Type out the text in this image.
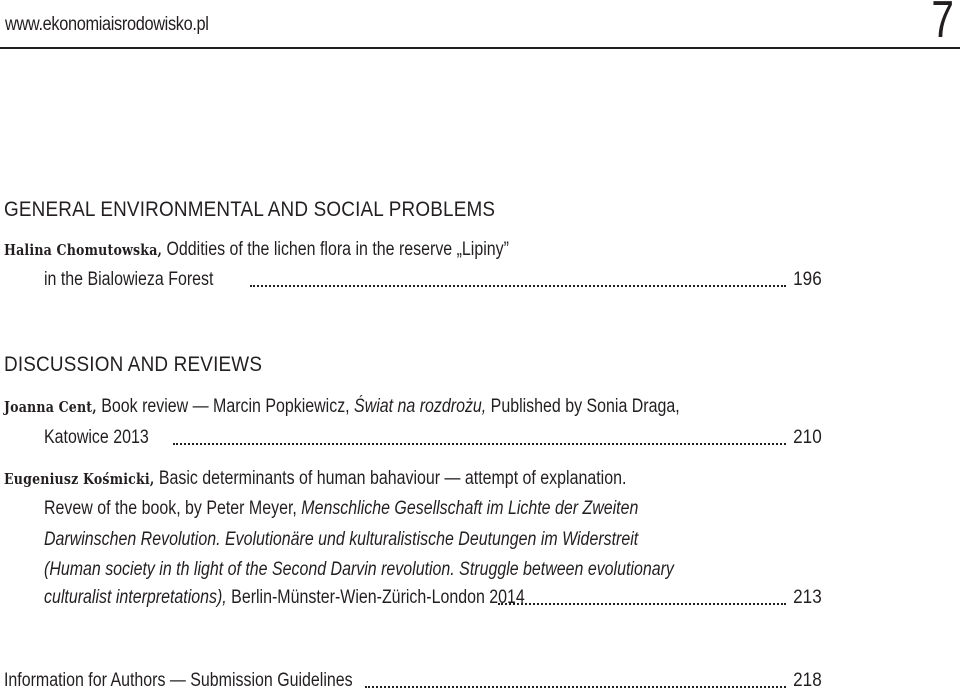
www.ekonomiaisrodowisko.pl	7
GENERAL ENVIRONMENTAL AND SOCIAL PROBLEMS
Halina Chomutowska, Oddities of the lichen flora in the reserve „Lipiny”
in the Bialowieza Forest	196
DISCUSSION AND REVIEWS
Joanna Cent, Book review — Marcin Popkiewicz, Świat na rozdrożu, Published by Sonia Draga,
Katowice 2013	210
Eugeniusz Kośmicki, Basic determinants of human bahaviour — attempt of explanation.
Revew of the book, by Peter Meyer, Menschliche Gesellschaft im Lichte der Zweiten
Darwinschen Revolution. Evolutionäre und kulturalistische Deutungen im Widerstreit
(Human society in th light of the Second Darvin revolution. Struggle between evolutionary
culturalist interpretations), Berlin-Münster-Wien-Zürich-London 2014	213
Information for Authors — Submission Guidelines	218
